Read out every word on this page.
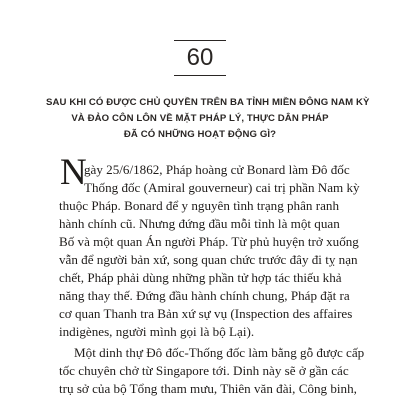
60
SAU KHI CÓ ĐƯỢC CHỦ QUYỀN TRÊN BA TỈNH MIỀN ĐÔNG NAM KỲ
VÀ ĐẢO CÔN LÔN VỀ MẶT PHÁP LÝ, THỰC DÂN PHÁP
ĐÃ CÓ NHỮNG HOẠT ĐỘNG GÌ?
N
gày 25/6/1862, Pháp hoàng cử Bonard làm Đô đốc
Thống đốc (Amiral gouverneur) cai trị phần Nam kỳ
thuộc Pháp. Bonard để y nguyên tình trạng phân ranh
hành chính cũ. Nhưng đứng đầu mỗi tỉnh là một quan
Bố và một quan Án người Pháp. Từ phủ huyện trở xuống
vẫn để người bản xứ, song quan chức trước đây đi tỵ nạn
chết, Pháp phải dùng những phần tử hợp tác thiếu khả
năng thay thế. Đứng đầu hành chính chung, Pháp đặt ra
cơ quan Thanh tra Bản xứ sự vụ (Inspection des affaires
indigènes, người mình gọi là bộ Lại).
Một dinh thự Đô đốc-Thống đốc làm bằng gỗ được cấp
tốc chuyên chở từ Singapore tới. Dinh này sẽ ở gần các
trụ sở của bộ Tổng tham mưu, Thiên văn đài, Công binh,
